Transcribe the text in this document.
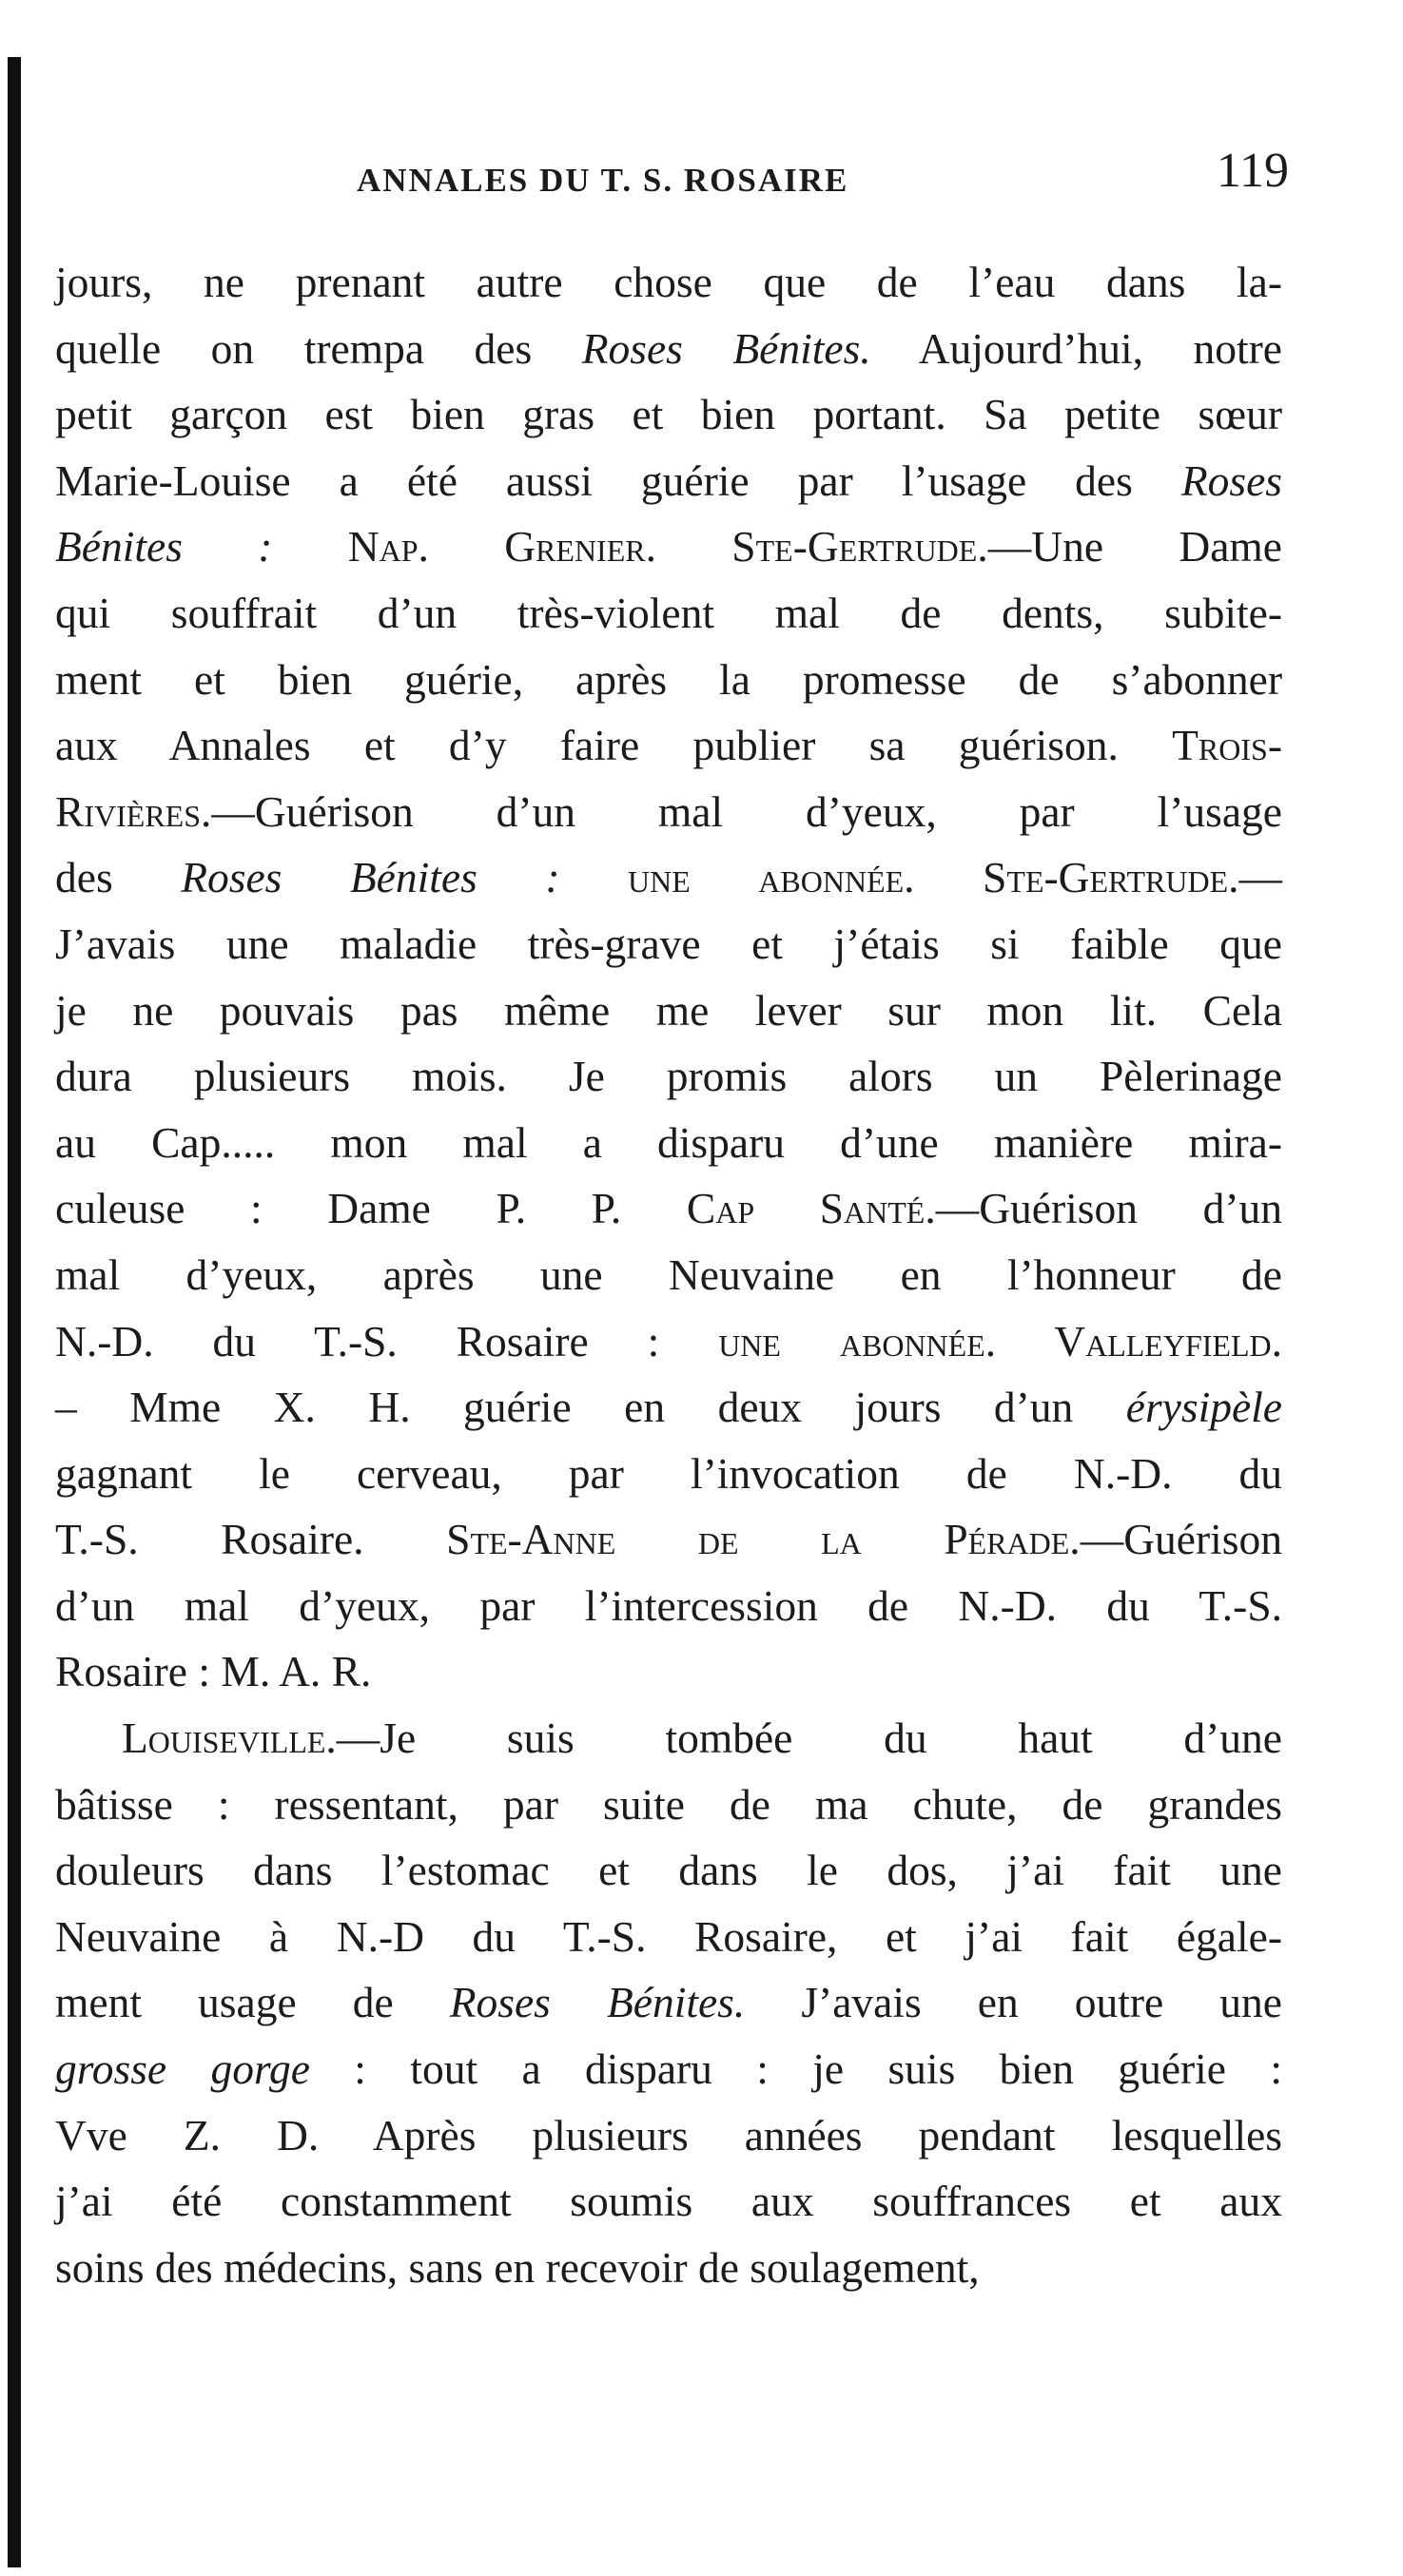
ANNALES DU T. S. ROSAIRE	119
jours, ne prenant autre chose que de l’eau dans la-
quelle on trempa des Roses Bénites. Aujourd’hui, notre
petit garçon est bien gras et bien portant. Sa petite sœur
Marie-Louise a été aussi guérie par l’usage des Roses
Bénites : Nap. Grenier. Ste-Gertrude.—Une Dame
qui souffrait d’un très-violent mal de dents, subite-
ment et bien guérie, après la promesse de s’abonner
aux Annales et d’y faire publier sa guérison. Trois-
Rivières.—Guérison d’un mal d’yeux, par l’usage
des Roses Bénites : une abonnée. Ste-Gertrude.—
J’avais une maladie très-grave et j’étais si faible que
je ne pouvais pas même me lever sur mon lit. Cela
dura plusieurs mois. Je promis alors un Pèlerinage
au Cap..... mon mal a disparu d’une manière mira-
culeuse : Dame P. P. Cap Santé.—Guérison d’un
mal d’yeux, après une Neuvaine en l’honneur de
N.-D. du T.-S. Rosaire : une abonnée. Valleyfield.
– Mme X. H. guérie en deux jours d’un érysipèle
gagnant le cerveau, par l’invocation de N.-D. du
T.-S. Rosaire. Ste-Anne de la Pérade.—Guérison
d’un mal d’yeux, par l’intercession de N.-D. du T.-S.
Rosaire : M. A. R.
Louiseville.—Je suis tombée du haut d’une
bâtisse : ressentant, par suite de ma chute, de grandes
douleurs dans l’estomac et dans le dos, j’ai fait une
Neuvaine à N.-D du T.-S. Rosaire, et j’ai fait égale-
ment usage de Roses Bénites. J’avais en outre une
grosse gorge : tout a disparu : je suis bien guérie :
Vve Z. D. Après plusieurs années pendant lesquelles
j’ai été constamment soumis aux souffrances et aux
soins des médecins, sans en recevoir de soulagement,
